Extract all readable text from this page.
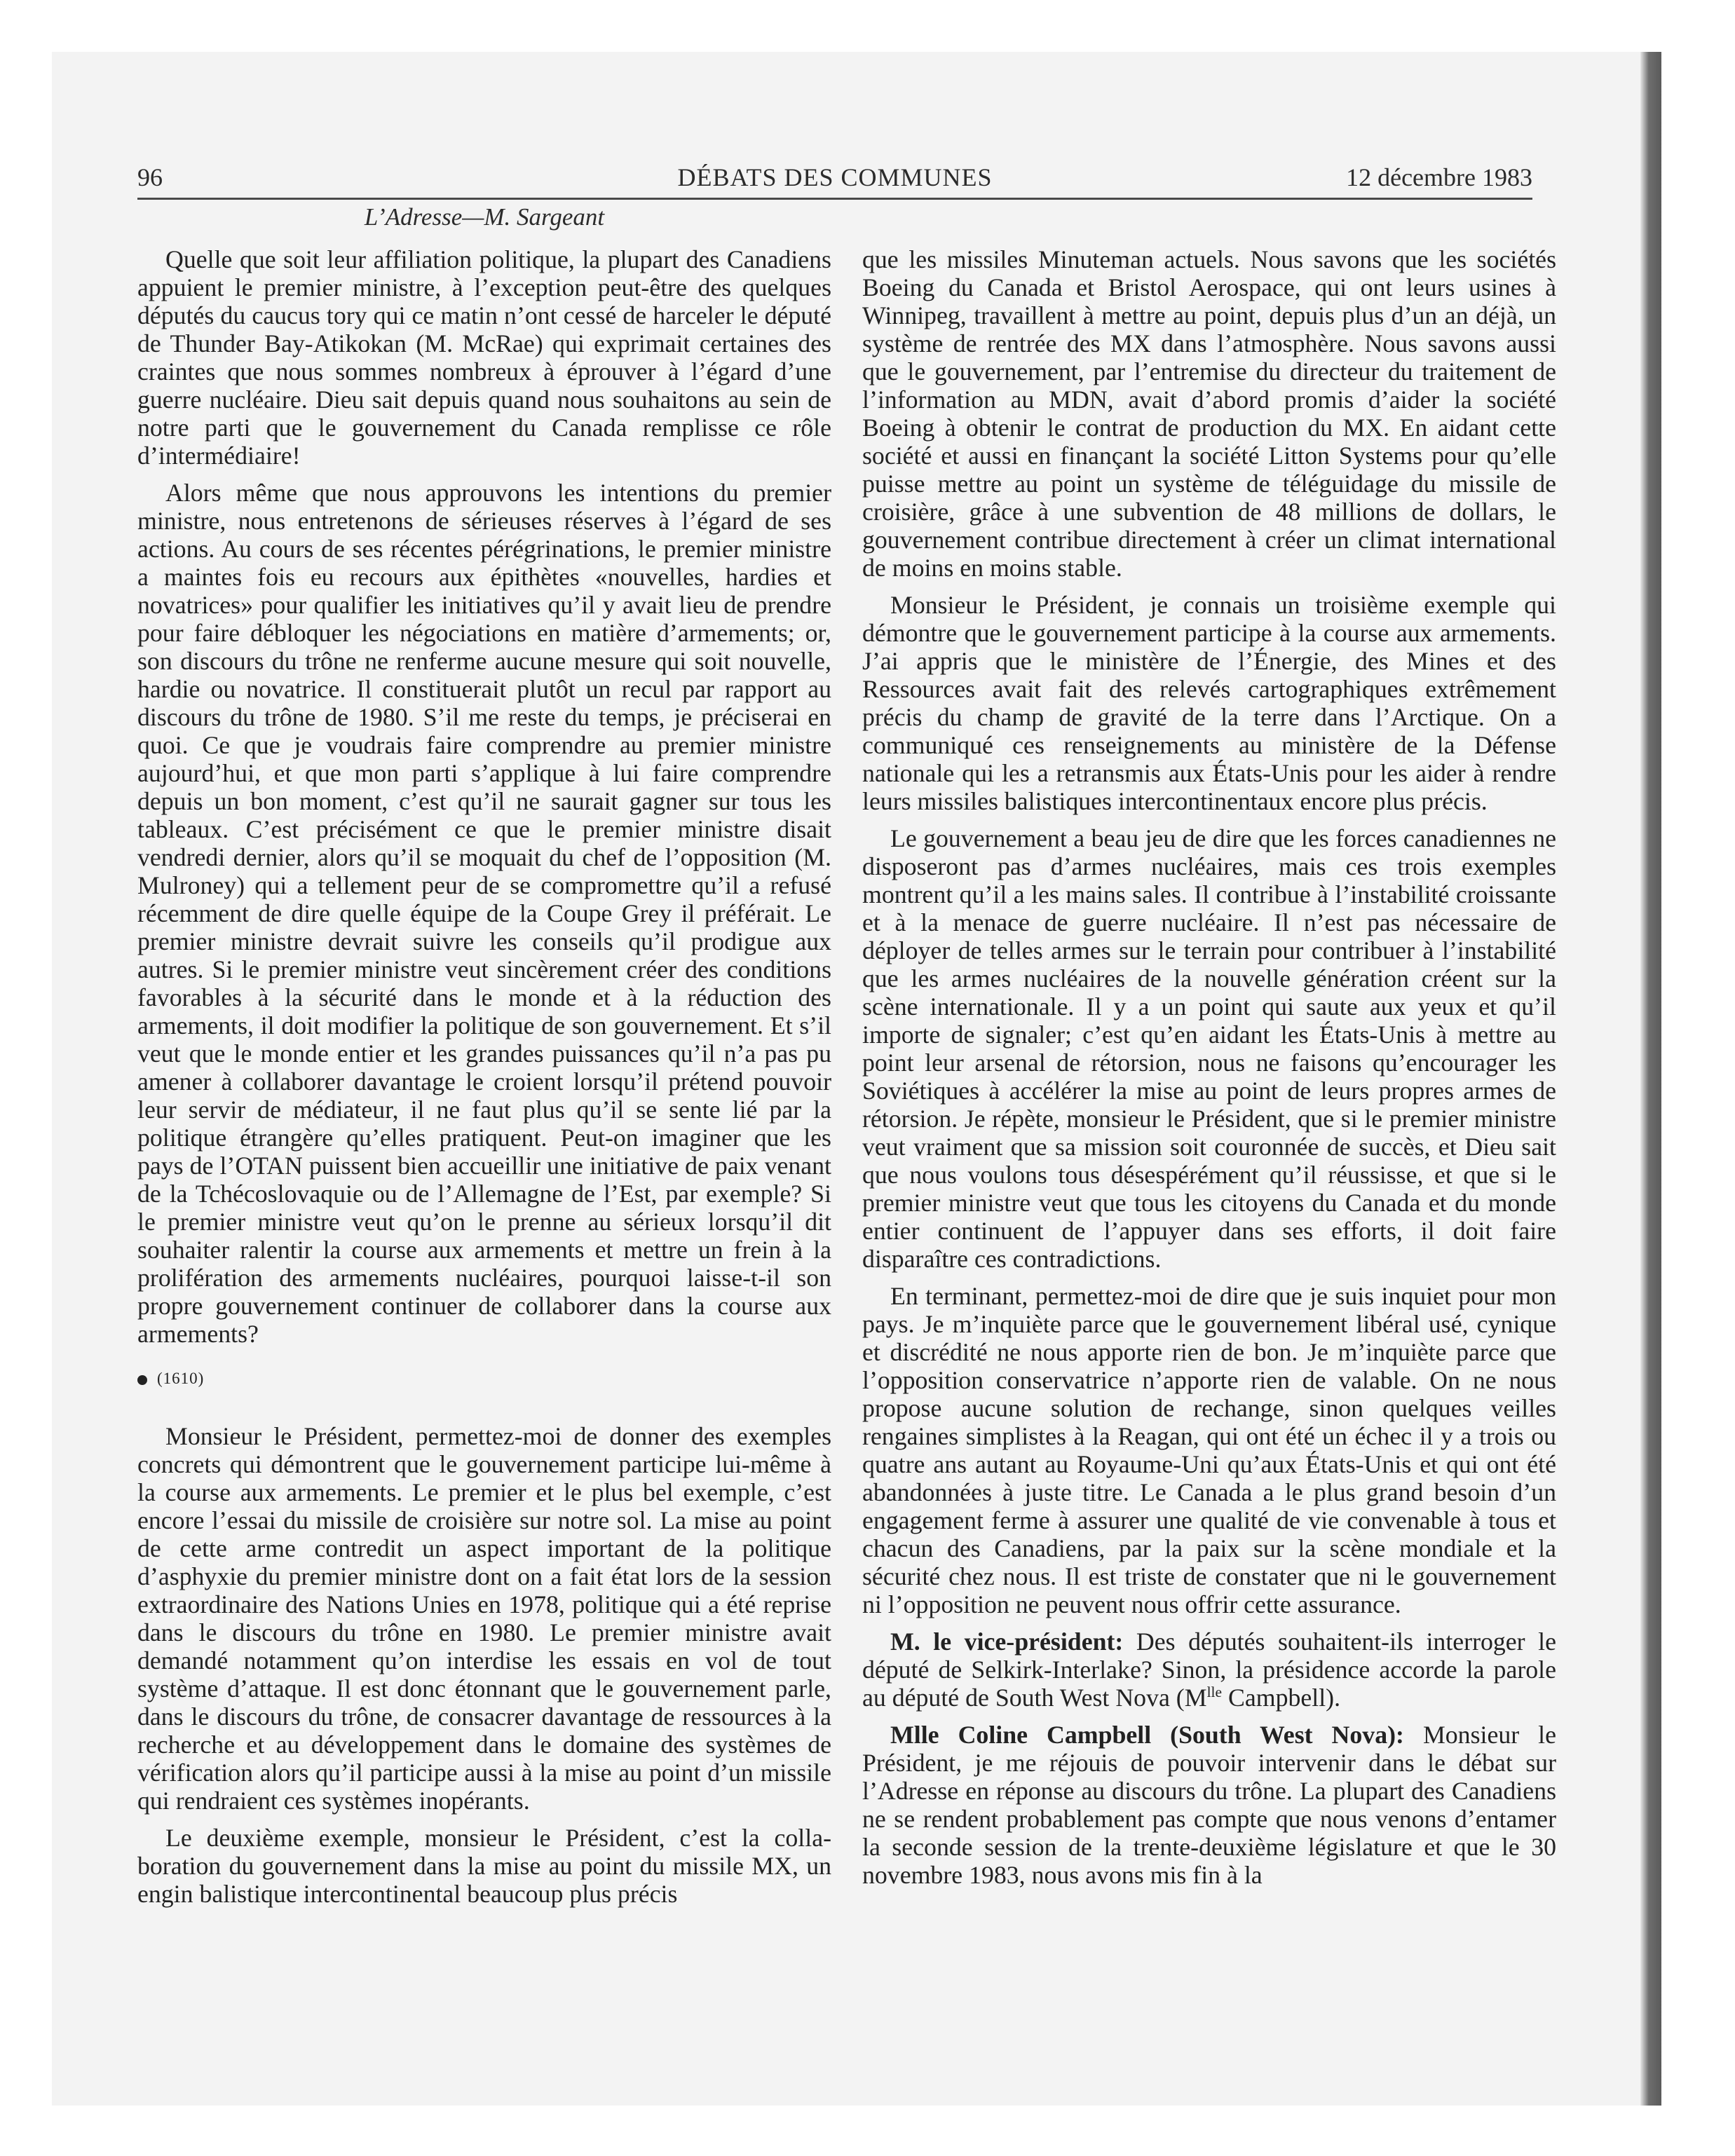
96	DÉBATS DES COMMUNES	12 décembre 1983
L’Adresse—M. Sargeant

Quelle que soit leur affiliation politique, la plupart des Canadiens appuient le premier ministre, à l’exception peut-être des quelques députés du caucus tory qui ce matin n’ont cessé de harceler le député de Thunder Bay-Atikokan (M. McRae) qui exprimait certaines des craintes que nous sommes nombreux à éprouver à l’égard d’une guerre nucléaire. Dieu sait depuis quand nous souhaitons au sein de notre parti que le gouvernement du Canada remplisse ce rôle d’intermédiaire!

Alors même que nous approuvons les intentions du premier ministre, nous entretenons de sérieuses réserves à l’égard de ses actions. Au cours de ses récentes pérégrinations, le premier ministre a maintes fois eu recours aux épithètes «nouvelles, hardies et novatrices» pour qualifier les initiatives qu’il y avait lieu de prendre pour faire débloquer les négociations en matière d’armements; or, son discours du trône ne renferme aucune mesure qui soit nouvelle, hardie ou novatrice. Il constituerait plutôt un recul par rapport au discours du trône de 1980. S’il me reste du temps, je préciserai en quoi. Ce que je voudrais faire comprendre au premier ministre aujourd’hui, et que mon parti s’applique à lui faire comprendre depuis un bon moment, c’est qu’il ne saurait gagner sur tous les tableaux. C’est précisément ce que le premier ministre disait vendredi dernier, alors qu’il se moquait du chef de l’opposition (M. Mulroney) qui a tellement peur de se compromettre qu’il a refusé récemment de dire quelle équipe de la Coupe Grey il préférait. Le premier ministre devrait suivre les conseils qu’il prodigue aux autres. Si le premier ministre veut sincèrement créer des conditions favorables à la sécurité dans le monde et à la réduction des armements, il doit modifier la politique de son gouvernement. Et s’il veut que le monde entier et les grandes puissances qu’il n’a pas pu amener à collaborer davantage le croient lorsqu’il prétend pouvoir leur servir de médiateur, il ne faut plus qu’il se sente lié par la politique étrangère qu’elles pratiquent. Peut-on imaginer que les pays de l’OTAN puissent bien accueillir une initiative de paix venant de la Tchécoslovaquie ou de l’Allemagne de l’Est, par exemple? Si le premier ministre veut qu’on le prenne au sérieux lorsqu’il dit souhaiter ralentir la course aux armements et mettre un frein à la prolifération des armements nucléaires, pourquoi laisse-t-il son propre gouvernement continuer de collaborer dans la course aux armements?

(1610)

Monsieur le Président, permettez-moi de donner des exemples concrets qui démontrent que le gouvernement participe lui-même à la course aux armements. Le premier et le plus bel exemple, c’est encore l’essai du missile de croisière sur notre sol. La mise au point de cette arme contredit un aspect important de la politique d’asphyxie du premier ministre dont on a fait état lors de la session extraordinaire des Nations Unies en 1978, politique qui a été reprise dans le discours du trône en 1980. Le premier ministre avait demandé notamment qu’on interdise les essais en vol de tout système d’attaque. Il est donc étonnant que le gouvernement parle, dans le discours du trône, de consacrer davantage de ressources à la recherche et au développement dans le domaine des systèmes de vérification alors qu’il participe aussi à la mise au point d’un missile qui rendraient ces systèmes inopérants.

Le deuxième exemple, monsieur le Président, c’est la collaboration du gouvernement dans la mise au point du missile MX, un engin balistique intercontinental beaucoup plus précis

que les missiles Minuteman actuels. Nous savons que les sociétés Boeing du Canada et Bristol Aerospace, qui ont leurs usines à Winnipeg, travaillent à mettre au point, depuis plus d’un an déjà, un système de rentrée des MX dans l’atmosphère. Nous savons aussi que le gouvernement, par l’entremise du directeur du traitement de l’information au MDN, avait d’abord promis d’aider la société Boeing à obtenir le contrat de production du MX. En aidant cette société et aussi en finançant la société Litton Systems pour qu’elle puisse mettre au point un système de téléguidage du missile de croisière, grâce à une subvention de 48 millions de dollars, le gouvernement contribue directement à créer un climat international de moins en moins stable.

Monsieur le Président, je connais un troisième exemple qui démontre que le gouvernement participe à la course aux armements. J’ai appris que le ministère de l’Énergie, des Mines et des Ressources avait fait des relevés cartographiques extrêmement précis du champ de gravité de la terre dans l’Arctique. On a communiqué ces renseignements au ministère de la Défense nationale qui les a retransmis aux États-Unis pour les aider à rendre leurs missiles balistiques intercontinentaux encore plus précis.

Le gouvernement a beau jeu de dire que les forces canadiennes ne disposeront pas d’armes nucléaires, mais ces trois exemples montrent qu’il a les mains sales. Il contribue à l’instabilité croissante et à la menace de guerre nucléaire. Il n’est pas nécessaire de déployer de telles armes sur le terrain pour contribuer à l’instabilité que les armes nucléaires de la nouvelle génération créent sur la scène internationale. Il y a un point qui saute aux yeux et qu’il importe de signaler; c’est qu’en aidant les États-Unis à mettre au point leur arsenal de rétorsion, nous ne faisons qu’encourager les Soviétiques à accélérer la mise au point de leurs propres armes de rétorsion. Je répète, monsieur le Président, que si le premier ministre veut vraiment que sa mission soit couronnée de succès, et Dieu sait que nous voulons tous désespérément qu’il réussisse, et que si le premier ministre veut que tous les citoyens du Canada et du monde entier continuent de l’appuyer dans ses efforts, il doit faire disparaître ces contradictions.

En terminant, permettez-moi de dire que je suis inquiet pour mon pays. Je m’inquiète parce que le gouvernement libéral usé, cynique et discrédité ne nous apporte rien de bon. Je m’inquiète parce que l’opposition conservatrice n’apporte rien de valable. On ne nous propose aucune solution de rechange, sinon quelques veilles rengaines simplistes à la Reagan, qui ont été un échec il y a trois ou quatre ans autant au Royaume-Uni qu’aux États-Unis et qui ont été abandonnées à juste titre. Le Canada a le plus grand besoin d’un engagement ferme à assurer une qualité de vie convenable à tous et chacun des Canadiens, par la paix sur la scène mondiale et la sécurité chez nous. Il est triste de constater que ni le gouvernement ni l’opposition ne peuvent nous offrir cette assurance.

M. le vice-président: Des députés souhaitent-ils interroger le député de Selkirk-Interlake? Sinon, la présidence accorde la parole au député de South West Nova ($M^{lle}$ Campbell).

Mlle Coline Campbell (South West Nova): Monsieur le Président, je me réjouis de pouvoir intervenir dans le débat sur l’Adresse en réponse au discours du trône. La plupart des Canadiens ne se rendent probablement pas compte que nous venons d’entamer la seconde session de la trente-deuxième législature et que le 30 novembre 1983, nous avons mis fin à la
